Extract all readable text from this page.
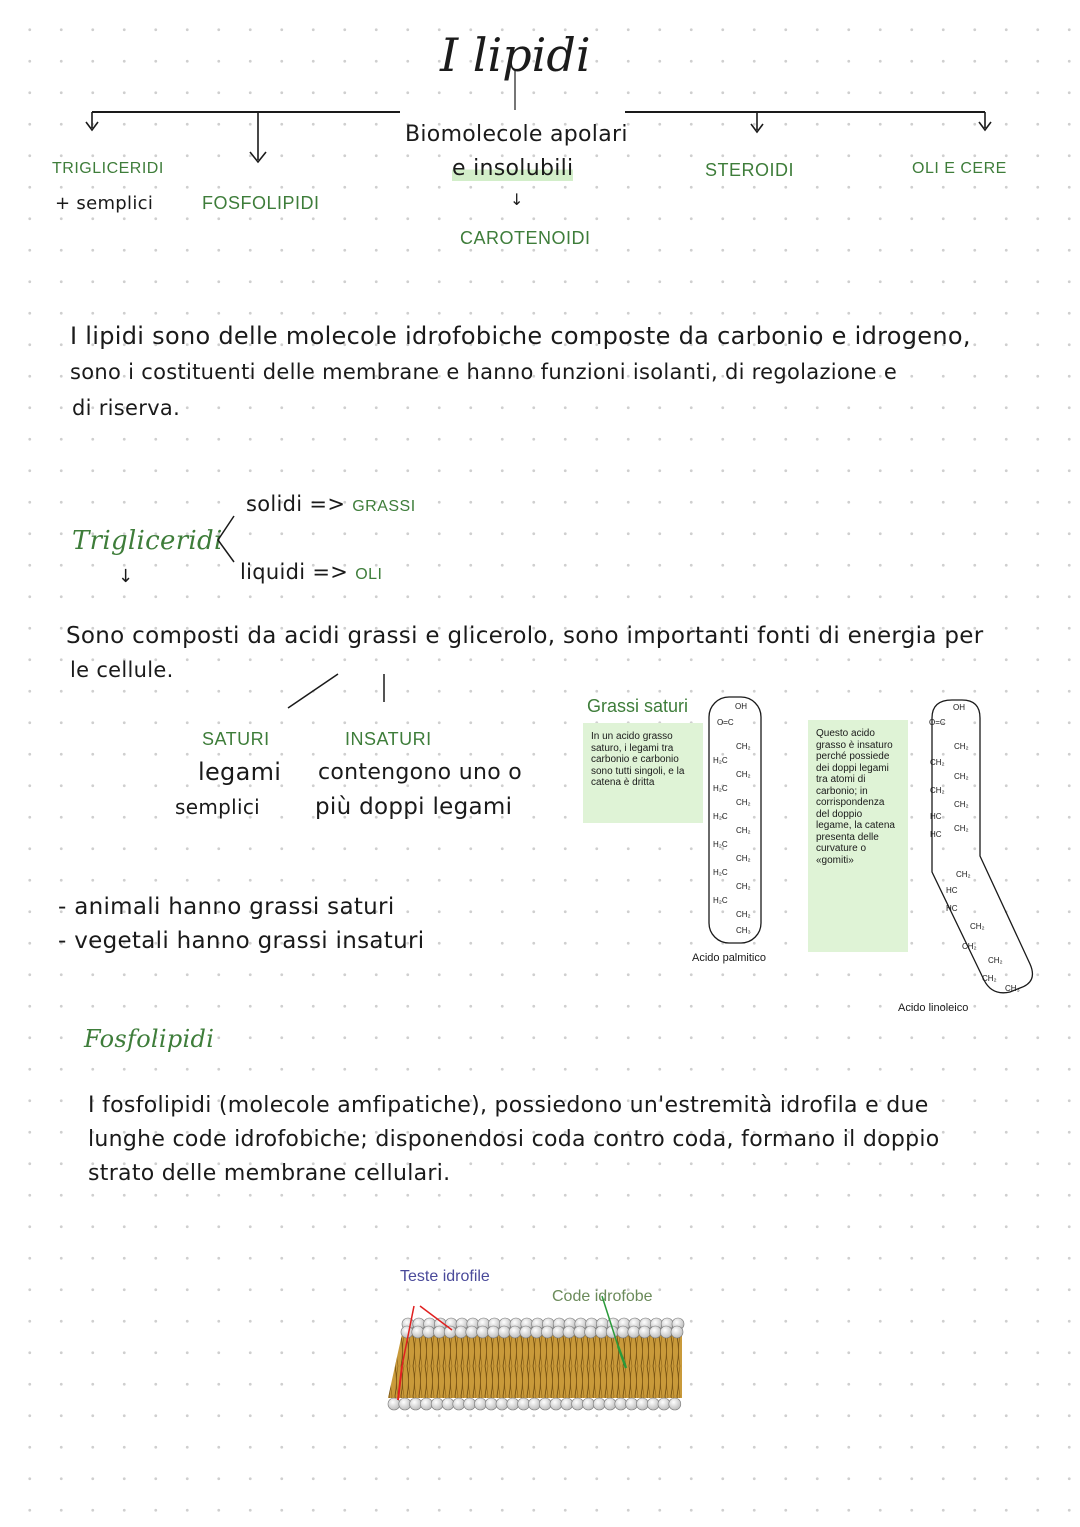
I lipidi
Biomolecole apolari
e insolubili
↓
CAROTENOIDI
TRIGLICERIDI
+ semplici	FOSFOLIPIDI
STEROIDI	OLI E CERE
I lipidi sono delle molecole idrofobiche composte da carbonio e idrogeno,
sono i costituenti delle membrane e hanno funzioni isolanti, di regolazione e
di riserva.
Trigliceridi
↓
solidi => GRASSI
liquidi => OLI
Sono composti da acidi grassi e glicerolo, sono importanti fonti di energia per
le cellule.
SATURI
legami
semplici
INSATURI
contengono uno o
più doppi legami
- animali hanno grassi saturi
- vegetali hanno grassi insaturi
Grassi saturi
In un acido grasso saturo, i legami tra carbonio e carbonio sono tutti singoli, e la catena è dritta
OH
O=C
CH₂
H₂C
CH₂
H₂C
CH₂
H₂C
CH₂
H₂C
CH₂
H₂C
CH₂
H₂C
CH₂
CH₃
Acido palmitico
Questo acido grasso è insaturo perché possiede dei doppi legami tra atomi di carbonio; in corrispondenza del doppio legame, la catena presenta delle curvature o «gomiti»
OH
O=C
CH₂
CH₂
CH₂
CH₂
CH₂
HC
CH₂
HC
CH₂
HC
HC
CH₂
CH₂
CH₂
CH₂
CH₃
Acido linoleico
Fosfolipidi
I fosfolipidi (molecole amfipatiche), possiedono un'estremità idrofila e due
lunghe code idrofobiche; disponendosi coda contro coda, formano il doppio
strato delle membrane cellulari.
Teste idrofile
Code idrofobe
